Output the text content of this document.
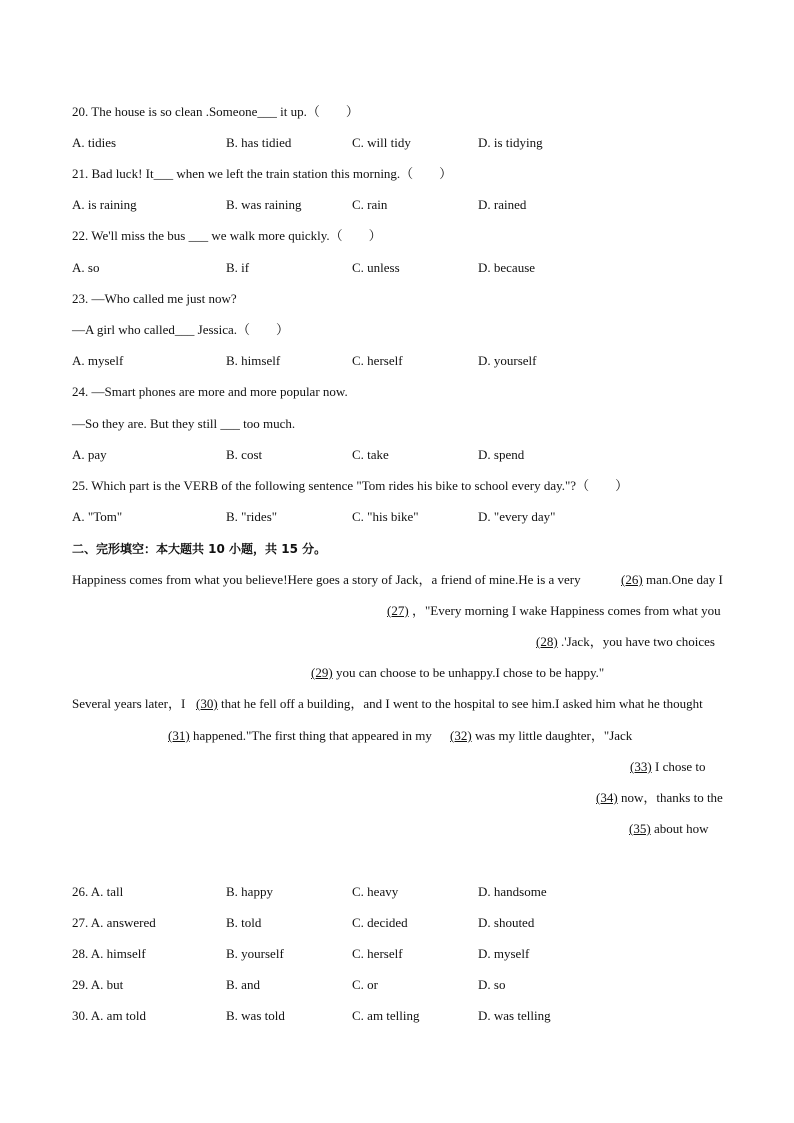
20. The house is so clean .Someone___ it up.（　　）
A. tidies	B. has tidied	C. will tidy	D. is tidying
21. Bad luck! It___ when we left the train station this morning.（　　）
A. is raining	B. was raining	C. rain	D. rained
22. We'll miss the bus ___ we walk more quickly.（　　）
A. so	B. if	C. unless	D. because
23. —Who called me just now?
—A girl who called___ Jessica.（　　）
A. myself	B. himself	C. herself	D. yourself
24. —Smart phones are more and more popular now.
—So they are. But they still ___ too much.
A. pay	B. cost	C. take	D. spend
25. Which part is the VERB of the following sentence "Tom rides his bike to school every day."?（　　）
A. "Tom"	B. "rides"	C. "his bike"	D. "every day"
二、完形填空：本大题共 10 小题，共 15 分。
Happiness comes from what you believe!Here goes a story of Jack，a friend of mine.He is a very	(26) man.One day I
(27) ，"Every morning I wake Happiness comes from what you
(28) .'Jack，you have two choices
(29) you can choose to be unhappy.I chose to be happy."
Several years later，I (30) that he fell off a building，and I went to the hospital to see him.I asked him what he thought
(31) happened."The first thing that appeared in my (32) was my little daughter，"Jack
(33) I chose to
(34) now，thanks to the
(35) about how
26. A. tall	B. happy	C. heavy	D. handsome
27. A. answered	B. told	C. decided	D. shouted
28. A. himself	B. yourself	C. herself	D. myself
29. A. but	B. and	C. or	D. so
30. A. am told	B. was told	C. am telling	D. was telling
